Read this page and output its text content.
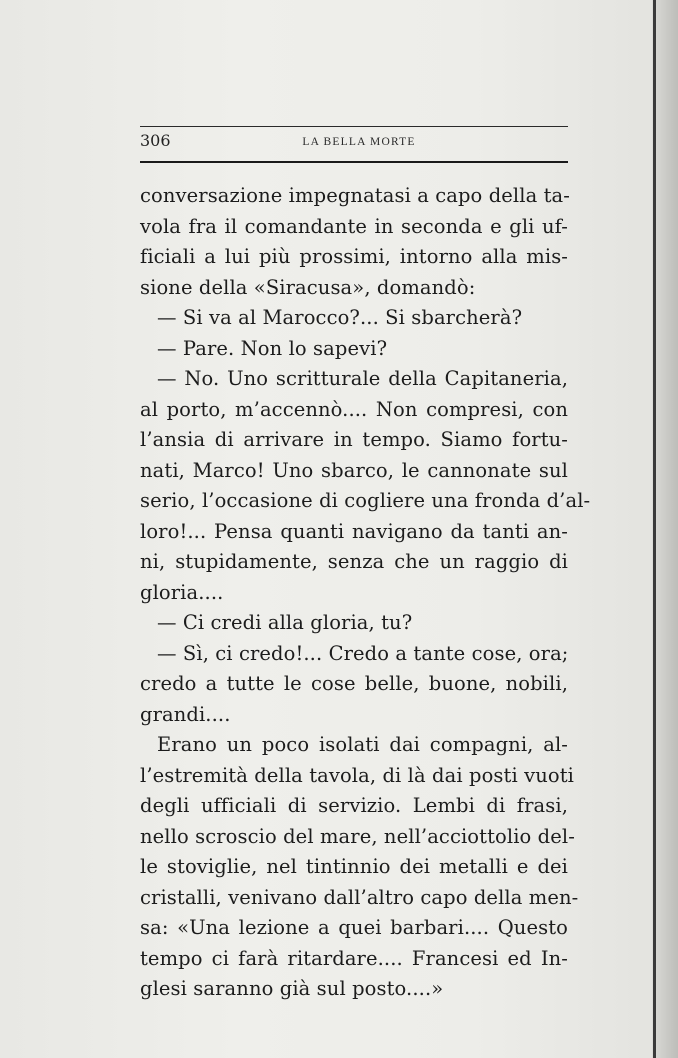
306	LA BELLA MORTE
conversazione impegnatasi a capo della ta-
vola fra il comandante in seconda e gli uf-
ficiali a lui più prossimi, intorno alla mis-
sione della «Siracusa», domandò:
— Si va al Marocco?... Si sbarcherà?
— Pare. Non lo sapevi?
— No. Uno scritturale della Capitaneria,
al porto, m’accennò.... Non compresi, con
l’ansia di arrivare in tempo. Siamo fortu-
nati, Marco! Uno sbarco, le cannonate sul
serio, l’occasione di cogliere una fronda d’al-
loro!... Pensa quanti navigano da tanti an-
ni, stupidamente, senza che un raggio di
gloria....
— Ci credi alla gloria, tu?
— Sì, ci credo!... Credo a tante cose, ora;
credo a tutte le cose belle, buone, nobili,
grandi....
Erano un poco isolati dai compagni, al-
l’estremità della tavola, di là dai posti vuoti
degli ufficiali di servizio. Lembi di frasi,
nello scroscio del mare, nell’acciottolio del-
le stoviglie, nel tintinnio dei metalli e dei
cristalli, venivano dall’altro capo della men-
sa: «Una lezione a quei barbari.... Questo
tempo ci farà ritardare.... Francesi ed In-
glesi saranno già sul posto....»
